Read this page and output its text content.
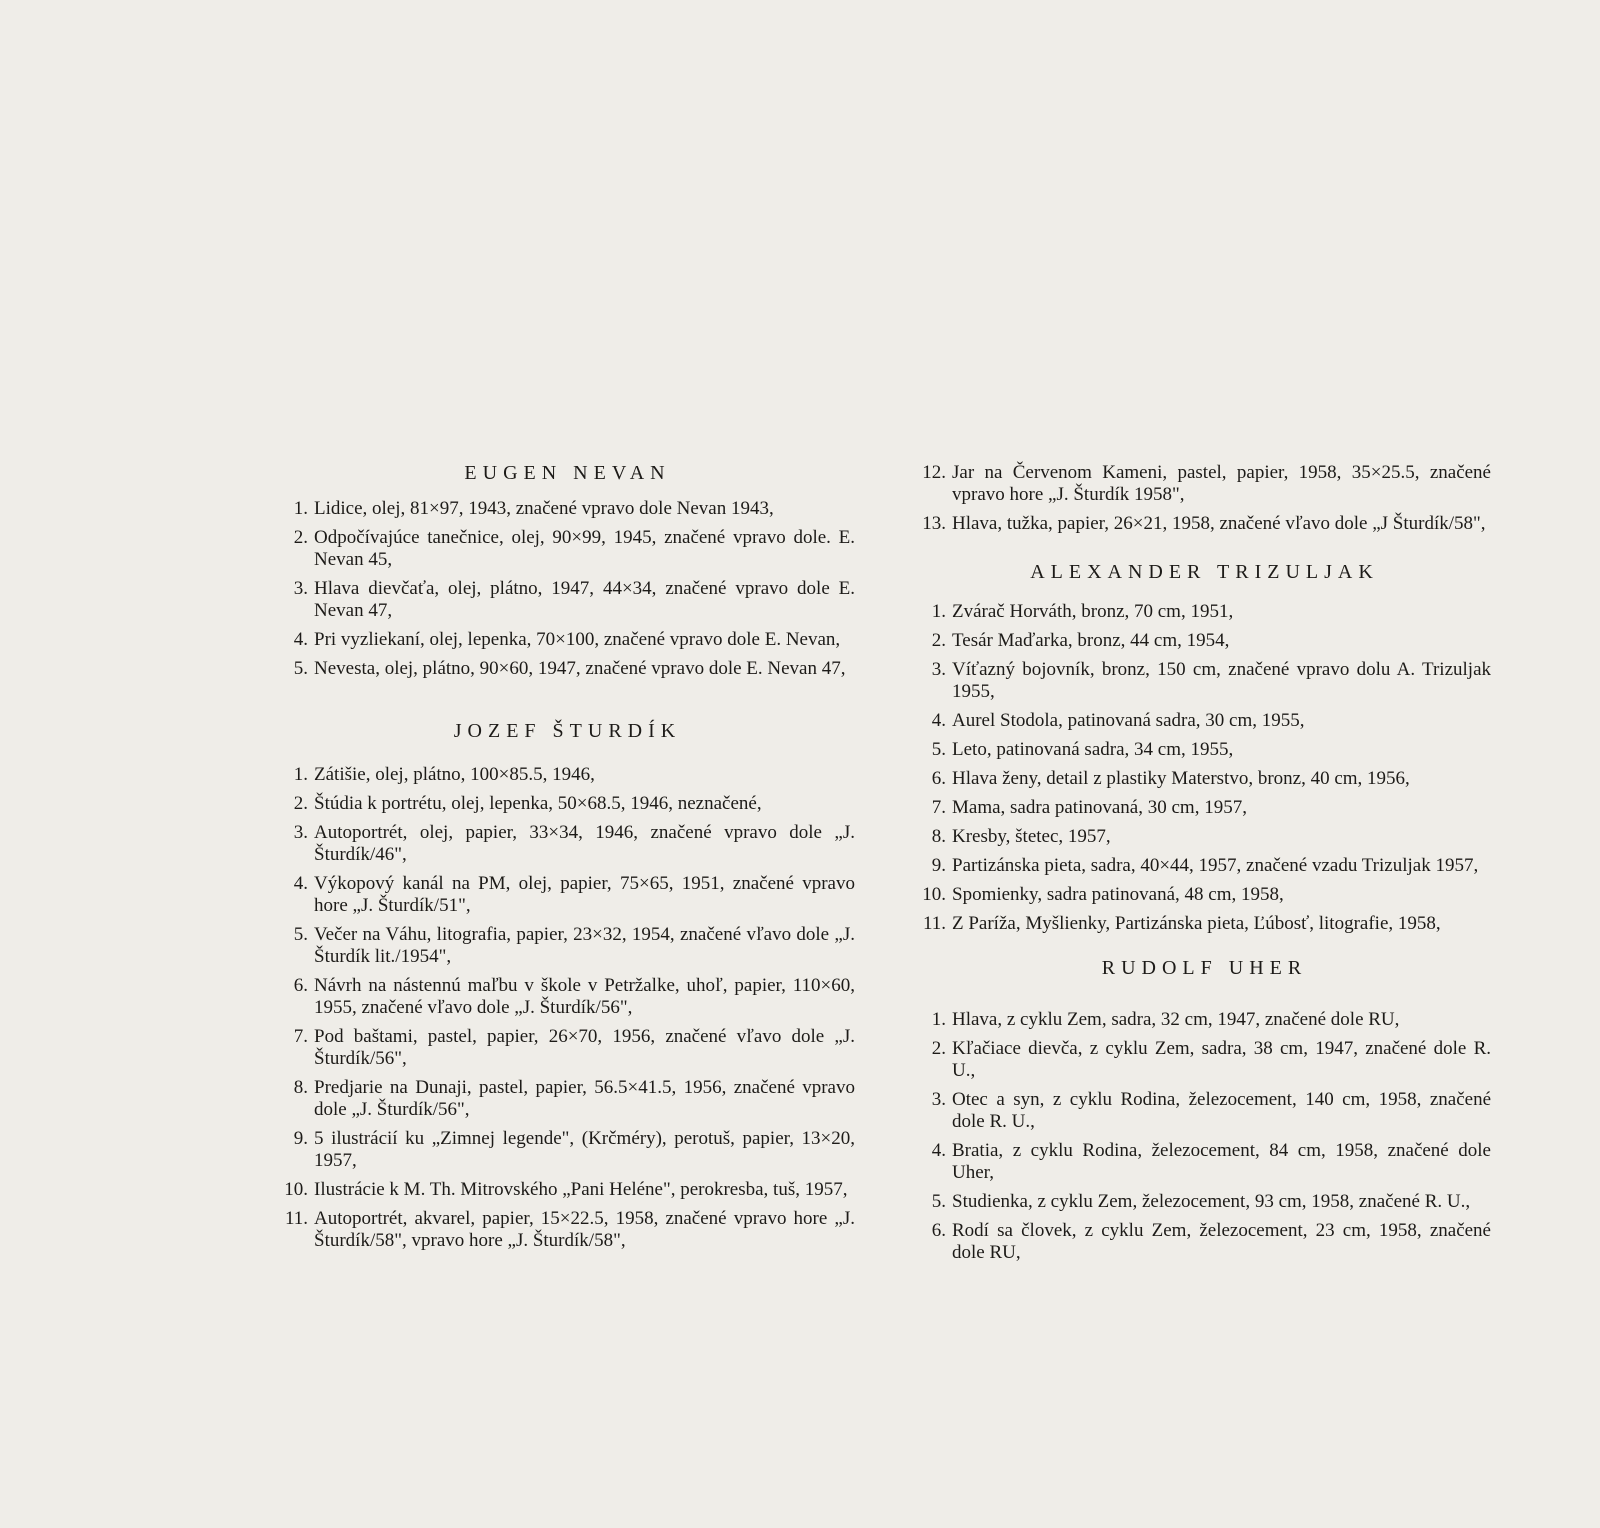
EUGEN NEVAN
1. Lidice, olej, 81×97, 1943, značené vpravo dole Nevan 1943,
2. Odpočívajúce tanečnice, olej, 90×99, 1945, značené vpravo dole. E. Nevan 45,
3. Hlava dievčaťa, olej, plátno, 1947, 44×34, značené vpravo dole E. Nevan 47,
4. Pri vyzliekaní, olej, lepenka, 70×100, značené vpravo dole E. Nevan,
5. Nevesta, olej, plátno, 90×60, 1947, značené vpravo dole E. Nevan 47,
JOZEF ŠTURDÍK
1. Zátišie, olej, plátno, 100×85.5, 1946,
2. Štúdia k portrétu, olej, lepenka, 50×68.5, 1946, neznačené,
3. Autoportrét, olej, papier, 33×34, 1946, značené vpravo dole „J. Šturdík/46",
4. Výkopový kanál na PM, olej, papier, 75×65, 1951, značené vpravo hore „J. Šturdík/51",
5. Večer na Váhu, litografia, papier, 23×32, 1954, značené vľavo dole „J. Šturdík lit./1954",
6. Návrh na nástennú maľbu v škole v Petržalke, uhoľ, papier, 110×60, 1955, značené vľavo dole „J. Šturdík/56",
7. Pod baštami, pastel, papier, 26×70, 1956, značené vľavo dole „J. Šturdík/56",
8. Predjarie na Dunaji, pastel, papier, 56.5×41.5, 1956, značené vpravo dole „J. Šturdík/56",
9. 5 ilustrácií ku „Zimnej legende", (Krčméry), perotuš, papier, 13×20, 1957,
10. Ilustrácie k M. Th. Mitrovského „Pani Heléne", perokresba, tuš, 1957,
11. Autoportrét, akvarel, papier, 15×22.5, 1958, značené vpravo hore „J. Šturdík/58", vpravo hore „J. Šturdík/58",
12. Jar na Červenom Kameni, pastel, papier, 1958, 35×25.5, značené vpravo hore „J. Šturdík 1958",
13. Hlava, tužka, papier, 26×21, 1958, značené vľavo dole „J Šturdík/58",
ALEXANDER TRIZULJAK
1. Zvárač Horváth, bronz, 70 cm, 1951,
2. Tesár Maďarka, bronz, 44 cm, 1954,
3. Víťazný bojovník, bronz, 150 cm, značené vpravo dolu A. Trizuljak 1955,
4. Aurel Stodola, patinovaná sadra, 30 cm, 1955,
5. Leto, patinovaná sadra, 34 cm, 1955,
6. Hlava ženy, detail z plastiky Materstvo, bronz, 40 cm, 1956,
7. Mama, sadra patinovaná, 30 cm, 1957,
8. Kresby, štetec, 1957,
9. Partizánska pieta, sadra, 40×44, 1957, značené vzadu Trizuljak 1957,
10. Spomienky, sadra patinovaná, 48 cm, 1958,
11. Z Paríža, Myšlienky, Partizánska pieta, Ľúbosť, litografie, 1958,
RUDOLF UHER
1. Hlava, z cyklu Zem, sadra, 32 cm, 1947, značené dole RU,
2. Kľačiace dievča, z cyklu Zem, sadra, 38 cm, 1947, značené dole R. U.,
3. Otec a syn, z cyklu Rodina, železocement, 140 cm, 1958, značené dole R. U.,
4. Bratia, z cyklu Rodina, železocement, 84 cm, 1958, značené dole Uher,
5. Studienka, z cyklu Zem, železocement, 93 cm, 1958, značené R. U.,
6. Rodí sa človek, z cyklu Zem, železocement, 23 cm, 1958, značené dole RU,
